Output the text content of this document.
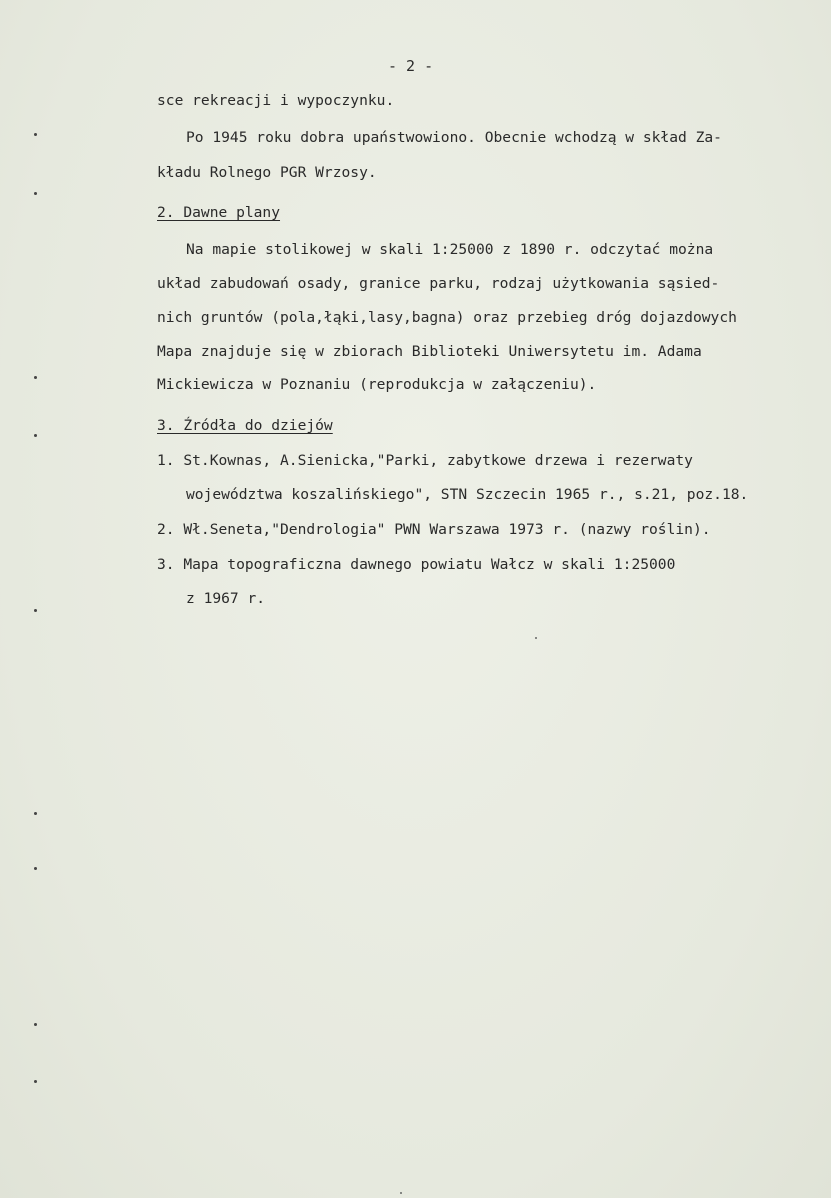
- 2 -
sce rekreacji i wypoczynku.
Po 1945 roku dobra upaństwowiono. Obecnie wchodzą w skład Za-
kładu Rolnego PGR Wrzosy.
2. Dawne plany
Na mapie stolikowej w skali 1:25000 z 1890 r. odczytać można
układ zabudowań osady, granice parku, rodzaj użytkowania sąsied-
nich gruntów (pola,łąki,lasy,bagna) oraz przebieg dróg dojazdowych
Mapa znajduje się w zbiorach Biblioteki Uniwersytetu im. Adama
Mickiewicza w Poznaniu (reprodukcja w załączeniu).
3. Źródła do dziejów
1. St.Kownas, A.Sienicka,"Parki, zabytkowe drzewa i rezerwaty
województwa koszalińskiego", STN Szczecin 1965 r., s.21, poz.18.
2. Wł.Seneta,"Dendrologia" PWN Warszawa 1973 r. (nazwy roślin).
3. Mapa topograficzna dawnego powiatu Wałcz w skali 1:25000
z 1967 r.
